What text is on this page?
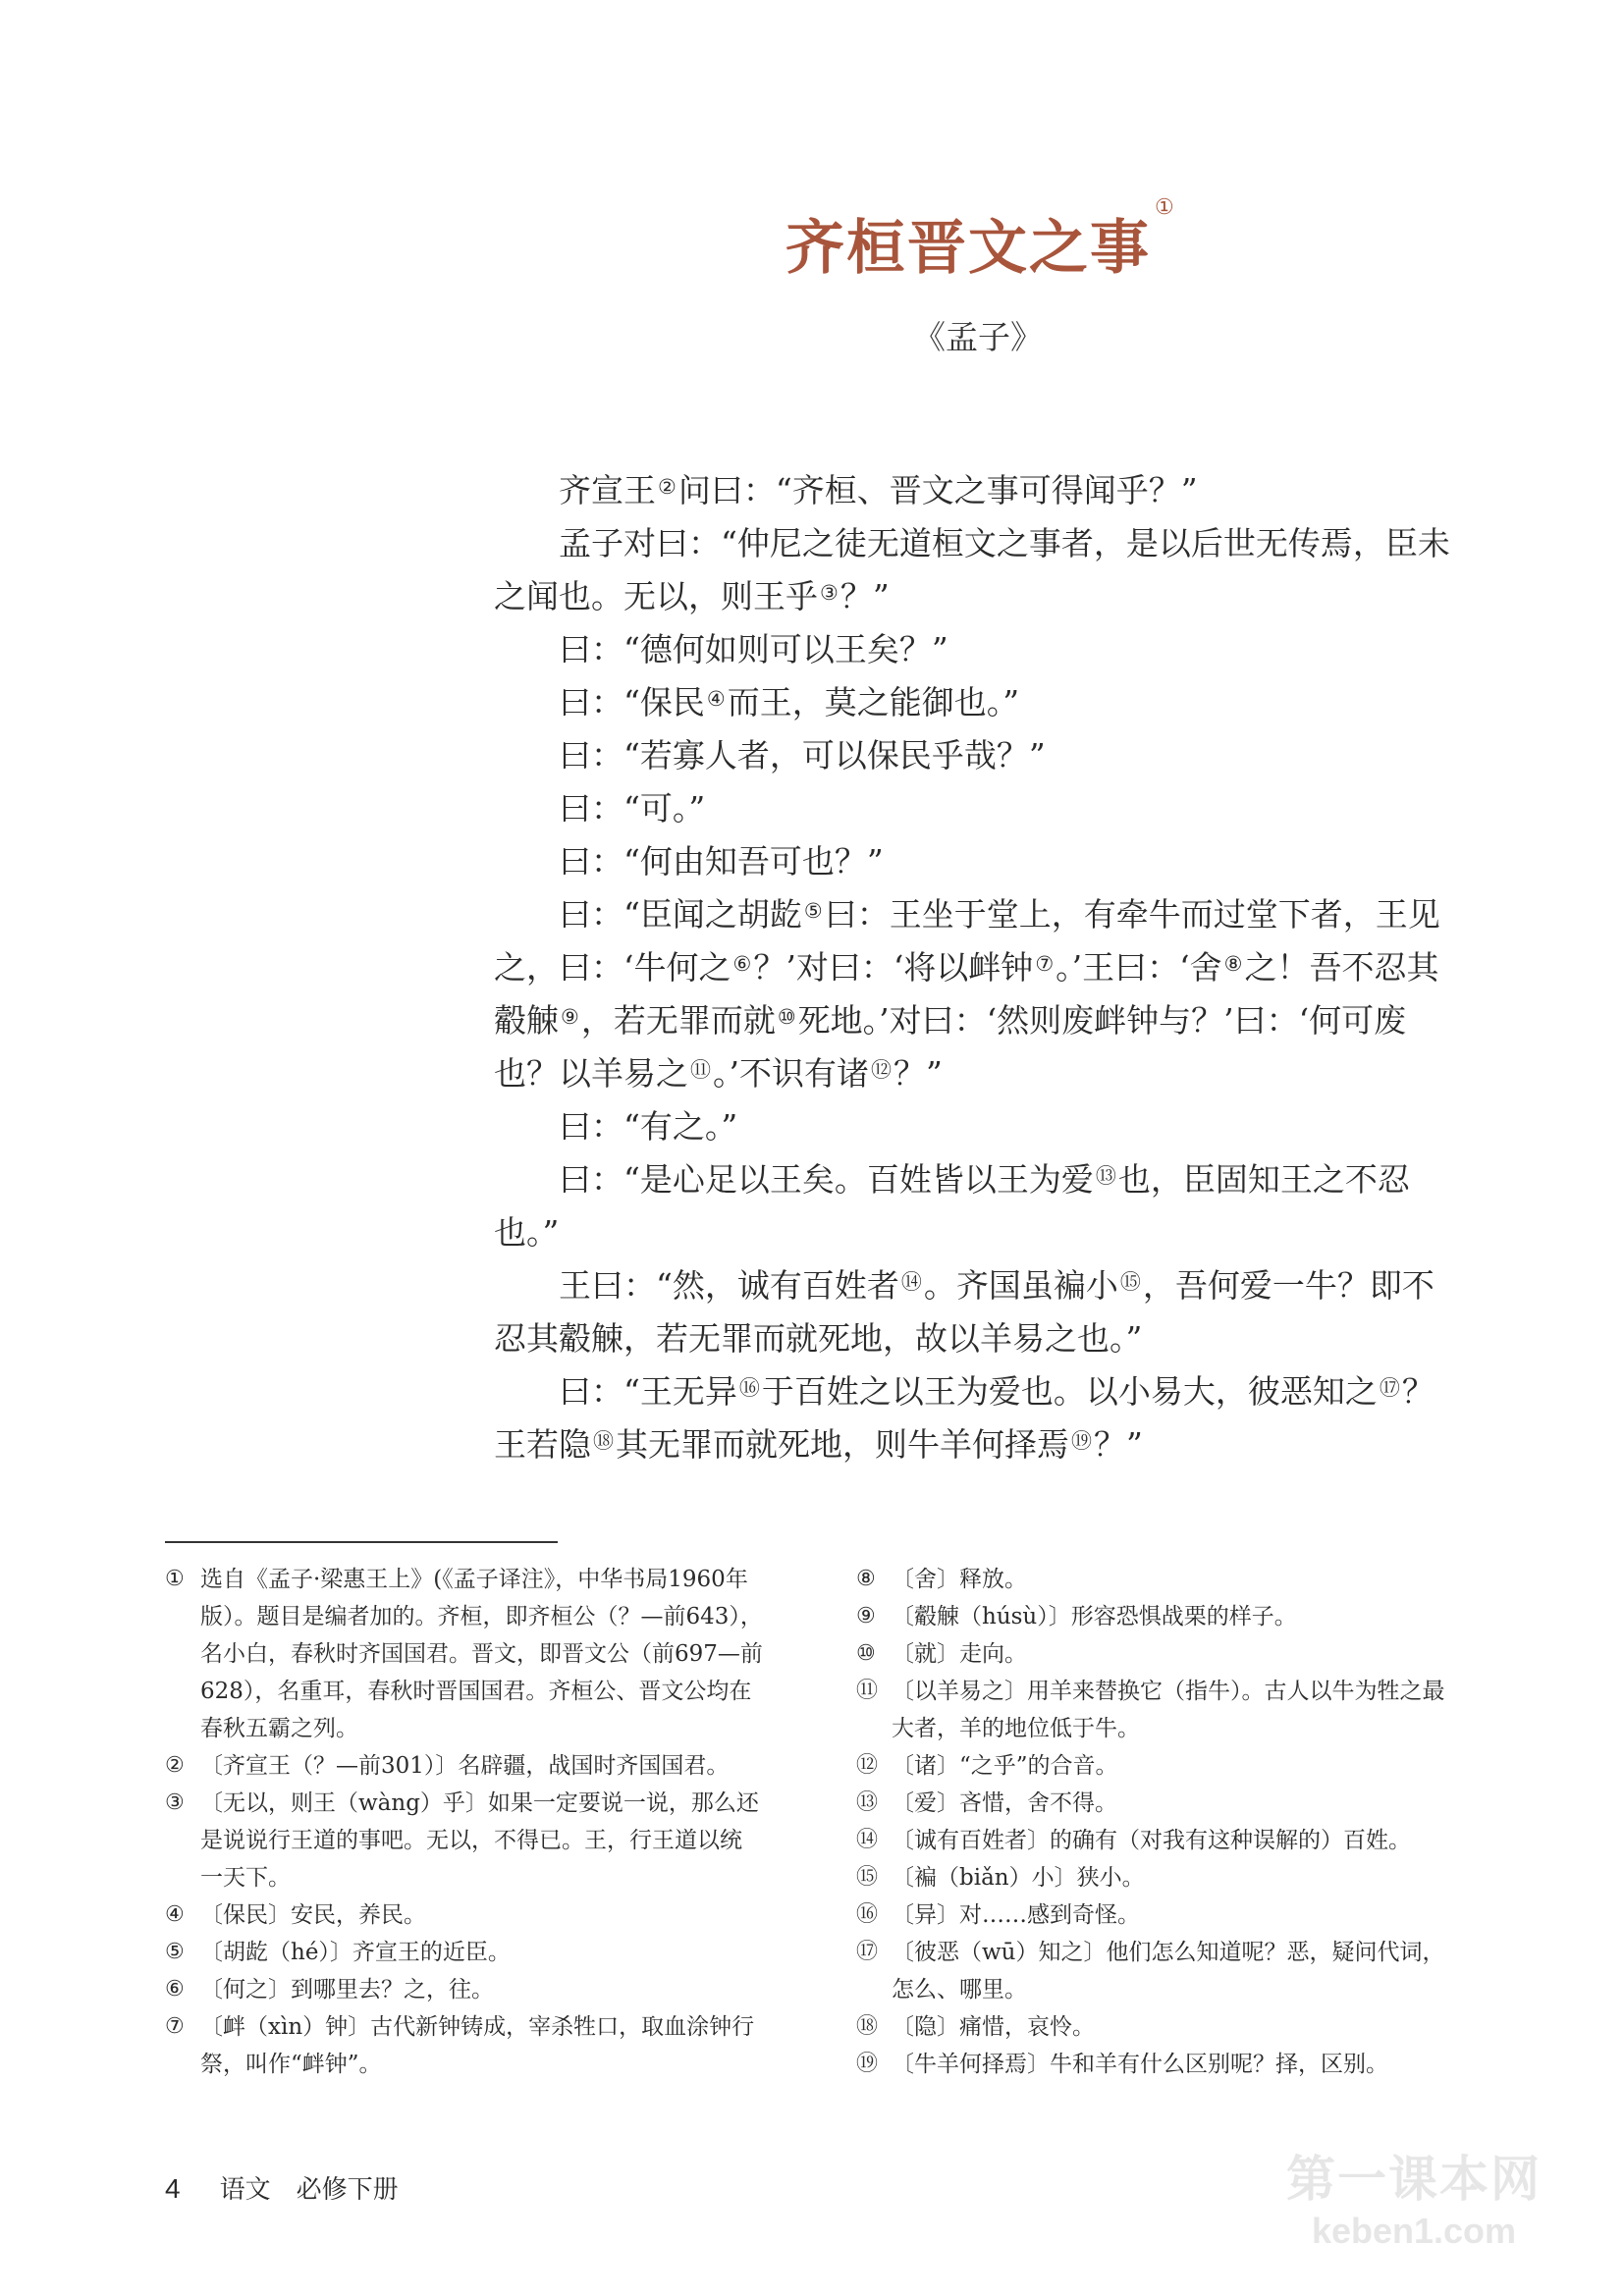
齐桓晋文之事①
《孟子》

齐宣王②问曰：“齐桓、晋文之事可得闻乎？”

孟子对曰：“仲尼之徒无道桓文之事者，是以后世无传焉，臣未之闻也。无以，则王乎③？”

曰：“德何如则可以王矣？”

曰：“保民④而王，莫之能御也。”

曰：“若寡人者，可以保民乎哉？”

曰：“可。”

曰：“何由知吾可也？”

曰：“臣闻之胡龁⑤曰：王坐于堂上，有牵牛而过堂下者，王见之，曰：‘牛何之⑥？’对曰：‘将以衅钟⑦。’王曰：‘舍⑧之！吾不忍其觳觫⑨，若无罪而就⑩死地。’对曰：‘然则废衅钟与？’曰：‘何可废也？以羊易之⑪。’不识有诸⑫？”

曰：“有之。”

曰：“是心足以王矣。百姓皆以王为爱⑬也，臣固知王之不忍也。”

王曰：“然，诚有百姓者⑭。齐国虽褊小⑮，吾何爱一牛？即不忍其觳觫，若无罪而就死地，故以羊易之也。”

曰：“王无异⑯于百姓之以王为爱也。以小易大，彼恶知之⑰？王若隐⑱其无罪而就死地，则牛羊何择焉⑲？”

① 选自《孟子·梁惠王上》(《孟子译注》，中华书局1960年版）。题目是编者加的。齐桓，即齐桓公（？—前643），名小白，春秋时齐国国君。晋文，即晋文公（前697—前628），名重耳，春秋时晋国国君。齐桓公、晋文公均在春秋五霸之列。
② 〔齐宣王（？—前301）〕名辟疆，战国时齐国国君。
③ 〔无以，则王（wàng）乎〕如果一定要说一说，那么还是说说行王道的事吧。无以，不得已。王，行王道以统一天下。
④ 〔保民〕安民，养民。
⑤ 〔胡龁（hé）〕齐宣王的近臣。
⑥ 〔何之〕到哪里去？之，往。
⑦ 〔衅（xìn）钟〕古代新钟铸成，宰杀牲口，取血涂钟行祭，叫作“衅钟”。
⑧ 〔舍〕释放。
⑨ 〔觳觫（húsù）〕形容恐惧战栗的样子。
⑩ 〔就〕走向。
⑪ 〔以羊易之〕用羊来替换它（指牛）。古人以牛为牲之最大者，羊的地位低于牛。
⑫ 〔诸〕“之乎”的合音。
⑬ 〔爱〕吝惜，舍不得。
⑭ 〔诚有百姓者〕的确有（对我有这种误解的）百姓。
⑮ 〔褊（biǎn）小〕狭小。
⑯ 〔异〕对……感到奇怪。
⑰ 〔彼恶（wū）知之〕他们怎么知道呢？恶，疑问代词，怎么、哪里。
⑱ 〔隐〕痛惜，哀怜。
⑲ 〔牛羊何择焉〕牛和羊有什么区别呢？择，区别。
4 语文　必修下册	第一课本网
keben1.com
